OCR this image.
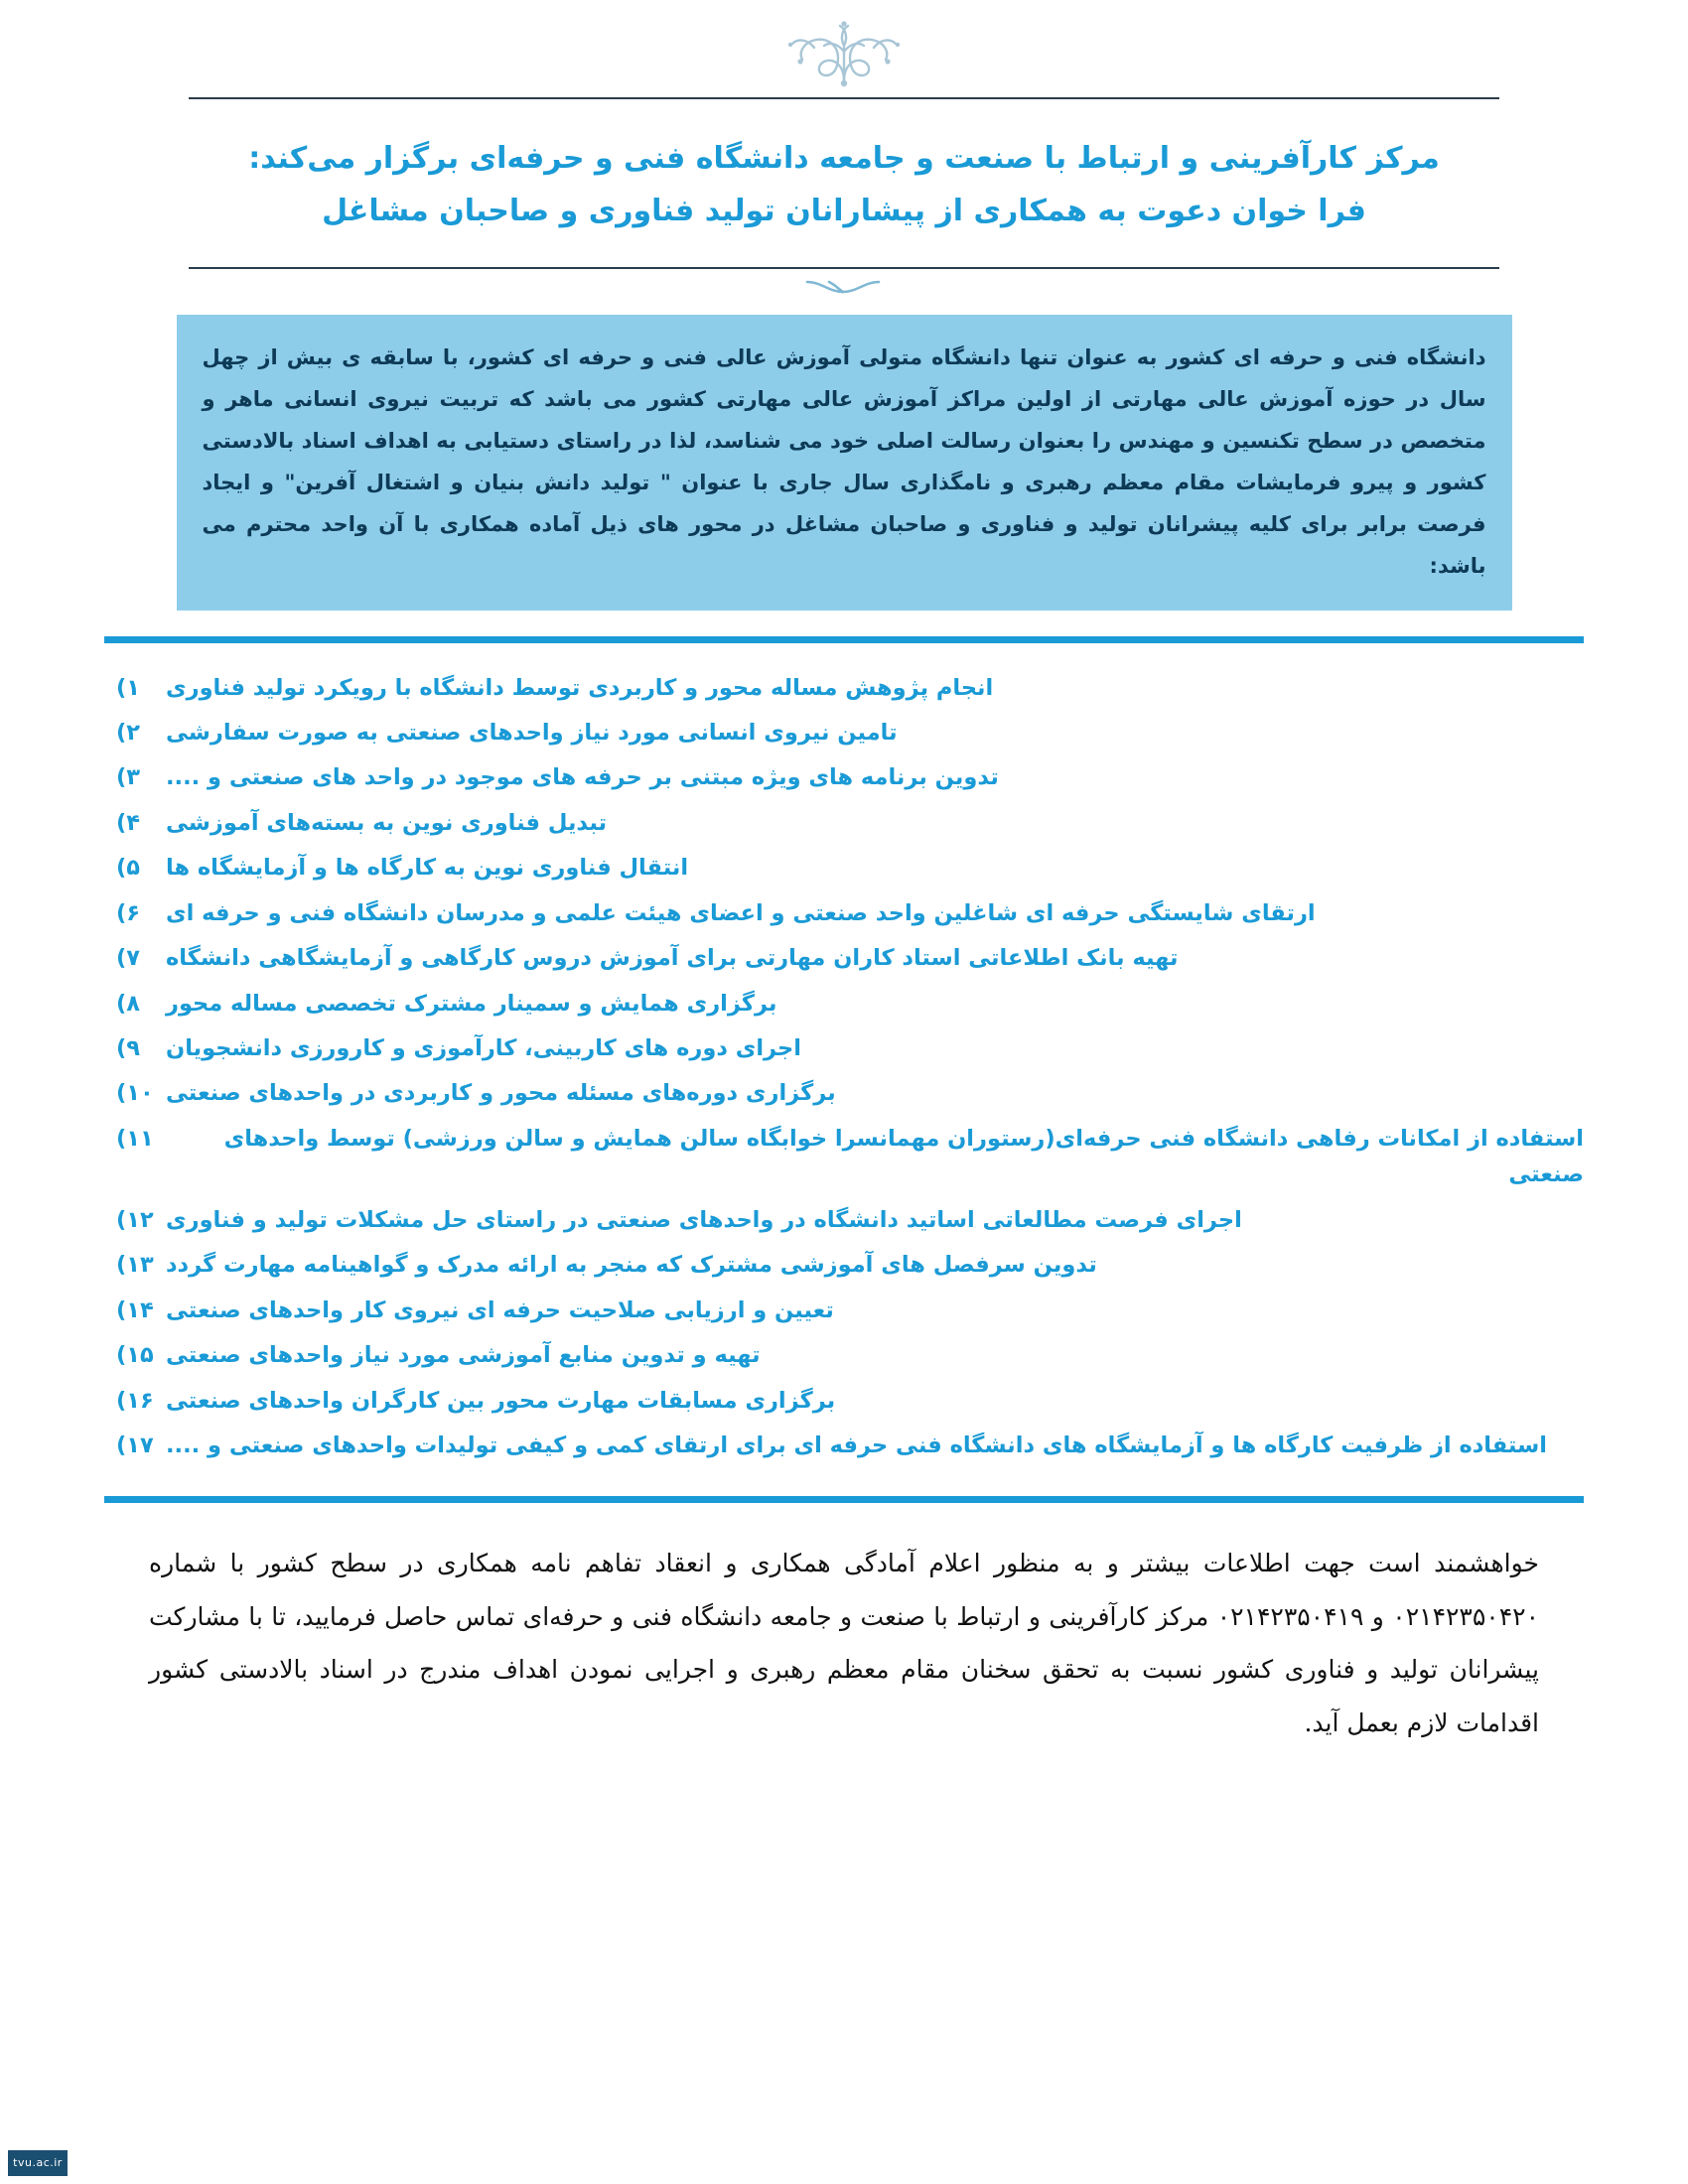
مرکز کارآفرینی و ارتباط با صنعت و جامعه دانشگاه فنی و حرفه‌ای برگزار می‌کند:
فرا خوان دعوت به همکاری از پیشارانان تولید فناوری و صاحبان مشاغل
دانشگاه فنی و حرفه ای کشور به عنوان تنها دانشگاه متولی آموزش عالی فنی و حرفه ای کشور، با سابقه ی بیش از چهل سال در حوزه آموزش عالی مهارتی از اولین مراکز آموزش عالی مهارتی کشور می باشد که تربیت نیروی انسانی ماهر و متخصص در سطح تکنسین و مهندس را بعنوان رسالت اصلی خود می شناسد، لذا در راستای دستیابی به اهداف اسناد بالادستی کشور و پیرو فرمایشات مقام معظم رهبری و نامگذاری سال جاری با عنوان " تولید دانش بنیان و اشتغال آفرین" و ایجاد فرصت برابر برای کلیه پیشرانان تولید و فناوری و صاحبان مشاغل در محور های ذیل آماده همکاری با آن واحد محترم می باشد:
انجام پژوهش مساله محور و کاربردی توسط دانشگاه با رویکرد تولید فناوری
۱)
تامین نیروی انسانی مورد نیاز واحدهای صنعتی به صورت سفارشی
۲)
تدوین برنامه های ویژه مبتنی بر حرفه های موجود در واحد های صنعتی و ....
۳)
تبدیل فناوری نوین به بسته‌های آموزشی
۴)
انتقال فناوری نوین به کارگاه ها و آزمایشگاه ها
۵)
ارتقای شایستگی حرفه ای شاغلین واحد صنعتی و اعضای هیئت علمی و مدرسان دانشگاه فنی و حرفه ای
۶)
تهیه بانک اطلاعاتی استاد کاران مهارتی برای آموزش دروس کارگاهی و آزمایشگاهی دانشگاه
۷)
برگزاری همایش و سمینار مشترک تخصصی مساله محور
۸)
اجرای دوره های کاربینی، کارآموزی و کارورزی دانشجویان
۹)
برگزاری دوره‌های مسئله محور و کاربردی در واحدهای صنعتی
۱۰)
استفاده از امکانات رفاهی دانشگاه فنی حرفه‌ای(رستوران مهمانسرا خوابگاه سالن همایش و سالن ورزشی) توسط واحدهای صنعتی
۱۱)
اجرای فرصت مطالعاتی اساتید دانشگاه در واحدهای صنعتی در راستای حل مشکلات تولید و فناوری
۱۲)
تدوین سرفصل های آموزشی مشترک که منجر به ارائه مدرک و گواهینامه مهارت گردد
۱۳)
تعیین و ارزیابی صلاحیت حرفه ای نیروی کار واحدهای صنعتی
۱۴)
تهیه و تدوین منابع آموزشی مورد نیاز واحدهای صنعتی
۱۵)
برگزاری مسابقات مهارت محور بین کارگران واحدهای صنعتی
۱۶)
استفاده از ظرفیت کارگاه ها و آزمایشگاه های دانشگاه فنی حرفه ای برای ارتقای کمی و کیفی تولیدات واحدهای صنعتی و ....
۱۷)
خواهشمند است جهت اطلاعات بیشتر و به منظور اعلام آمادگی همکاری و انعقاد تفاهم نامه همکاری در سطح کشور با شماره ۰۲۱۴۲۳۵۰۴۲۰ و ۰۲۱۴۲۳۵۰۴۱۹ مرکز کارآفرینی و ارتباط با صنعت و جامعه دانشگاه فنی و حرفه‌ای تماس حاصل فرمایید، تا با مشارکت پیشرانان تولید و فناوری کشور نسبت به تحقق سخنان مقام معظم رهبری و اجرایی نمودن اهداف مندرج در اسناد بالادستی کشور اقدامات لازم بعمل آید.
tvu.ac.ir
